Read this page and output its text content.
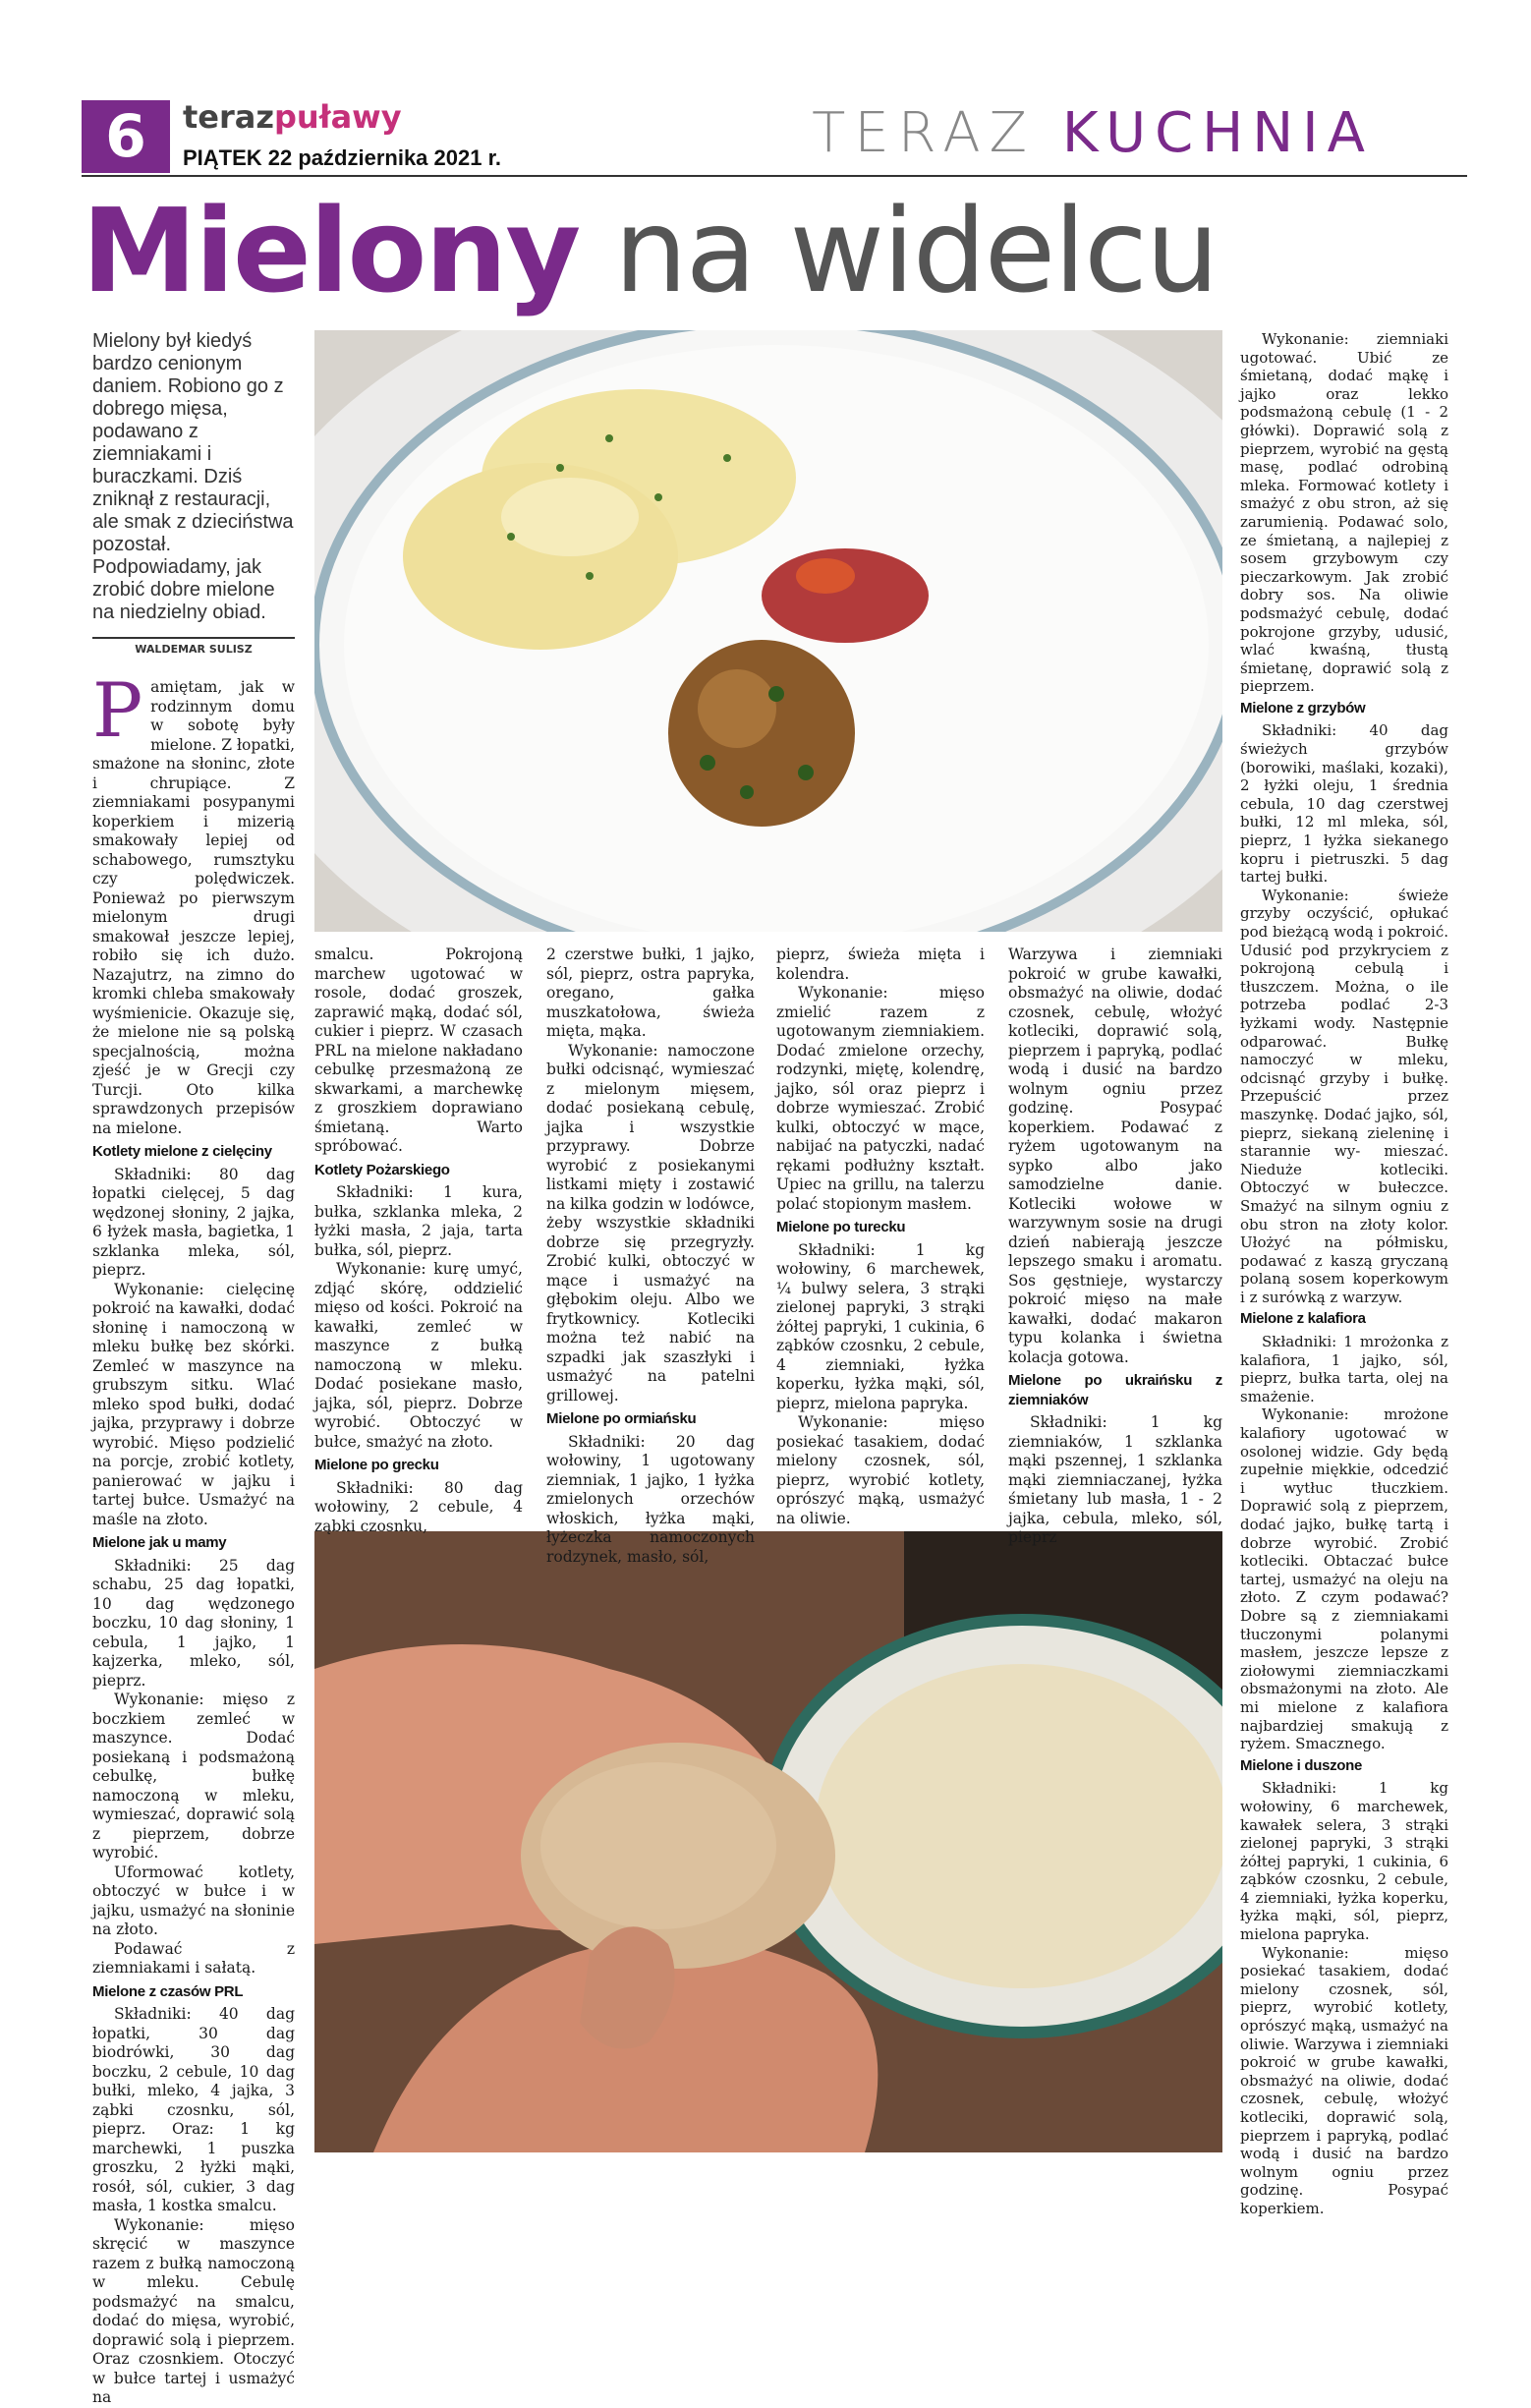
6	terazpuławy
PIĄTEK 22 października 2021 r.	TERAZ KUCHNIA
Mielony na widelcu
Mielony był kiedyś bardzo cenionym daniem. Robiono go z dobrego mięsa, podawano z ziemniakami i buraczkami. Dziś zniknął z restauracji, ale smak z dzieciństwa pozostał. Podpowiadamy, jak zrobić dobre mielone na niedzielny obiad.
WALDEMAR SULISZ
P amiętam, jak w rodzinnym domu w sobotę były mielone. Z łopatki, smażone na słoninc, złote i chrupiące. Z ziemniakami posypanymi koperkiem i mizerią smakowały lepiej od schabowego, rumsztyku czy polędwiczek. Ponieważ po pierwszym mielonym drugi smakował jeszcze lepiej, robiło się ich dużo. Nazajutrz, na zimno do kromki chleba smakowały wyśmienicie. Okazuje się, że mielone nie są polską specjalnością, można zjeść je w Grecji czy Turcji. Oto kilka sprawdzonych przepisów na mielone.

Kotlety mielone z cielęciny

Składniki: 80 dag łopatki cielęcej, 5 dag wędzonej słoniny, 2 jajka, 6 łyżek masła, bagietka, 1 szklanka mleka, sól, pieprz.

Wykonanie: cielęcinę pokroić na kawałki, dodać słoninę i namoczoną w mleku bułkę bez skórki. Zemleć w maszynce na grubszym sitku. Wlać mleko spod bułki, dodać jajka, przyprawy i dobrze wyrobić. Mięso podzielić na porcje, zrobić kotlety, panierować w jajku i tartej bułce. Usmażyć na maśle na złoto.

Mielone jak u mamy

Składniki: 25 dag schabu, 25 dag łopatki, 10 dag wędzonego boczku, 10 dag słoniny, 1 cebula, 1 jajko, 1 kajzerka, mleko, sól, pieprz.

Wykonanie: mięso z boczkiem zemleć w maszynce. Dodać posiekaną i podsmażoną cebulkę, bułkę namoczoną w mleku, wymieszać, doprawić solą z pieprzem, dobrze wyrobić.

Uformować kotlety, obtoczyć w bułce i w jajku, usmażyć na słoninie na złoto.

Podawać z ziemniakami i sałatą.

Mielone z czasów PRL

Składniki: 40 dag łopatki, 30 dag biodrówki, 30 dag boczku, 2 cebule, 10 dag bułki, mleko, 4 jajka, 3 ząbki czosnku, sól, pieprz. Oraz: 1 kg marchewki, 1 puszka groszku, 2 łyżki mąki, rosół, sól, cukier, 3 dag masła, 1 kostka smalcu.

Wykonanie: mięso skręcić w maszynce razem z bułką namoczoną w mleku. Cebulę podsmażyć na smalcu, dodać do mięsa, wyrobić, doprawić solą i pieprzem. Oraz czosnkiem. Otoczyć w bułce tartej i usmażyć na

smalcu. Pokrojoną marchew ugotować w rosole, dodać groszek, zaprawić mąką, dodać sól, cukier i pieprz. W czasach PRL na mielone nakładano cebulkę przesmażoną ze skwarkami, a marchewkę z groszkiem doprawiano śmietaną. Warto spróbować.

Kotlety Pożarskiego

Składniki: 1 kura, bułka, szklanka mleka, 2 łyżki masła, 2 jaja, tarta bułka, sól, pieprz.

Wykonanie: kurę umyć, zdjąć skórę, oddzielić mięso od kości. Pokroić na kawałki, zemleć w maszynce z bułką namoczoną w mleku. Dodać posiekane masło, jajka, sól, pieprz. Dobrze wyrobić. Obtoczyć w bułce, smażyć na złoto.

Mielone po grecku

Składniki: 80 dag wołowiny, 2 cebule, 4 ząbki czosnku,

2 czerstwe bułki, 1 jajko, sól, pieprz, ostra papryka, oregano, gałka muszkatołowa, świeża mięta, mąka.

Wykonanie: namoczone bułki odcisnąć, wymieszać z mielonym mięsem, dodać posiekaną cebulę, jajka i wszystkie przyprawy. Dobrze wyrobić z posiekanymi listkami mięty i zostawić na kilka godzin w lodówce, żeby wszystkie składniki dobrze się przegryzły. Zrobić kulki, obtoczyć w mące i usmażyć na głębokim oleju. Albo we frytkownicy. Kotleciki można też nabić na szpadki jak szaszłyki i usmażyć na patelni grillowej.

Mielone po ormiańsku

Składniki: 20 dag wołowiny, 1 ugotowany ziemniak, 1 jajko, 1 łyżka zmielonych orzechów włoskich, łyżka mąki, łyżeczka namoczonych rodzynek, masło, sól,

pieprz, świeża mięta i kolendra.

Wykonanie: mięso zmielić razem z ugotowanym ziemniakiem. Dodać zmielone orzechy, rodzynki, miętę, kolendrę, jajko, sól oraz pieprz i dobrze wymieszać. Zrobić kulki, obtoczyć w mące, nabijać na patyczki, nadać rękami podłużny kształt. Upiec na grillu, na talerzu polać stopionym masłem.

Mielone po turecku

Składniki: 1 kg wołowiny, 6 marchewek, ¼ bulwy selera, 3 strąki zielonej papryki, 3 strąki żółtej papryki, 1 cukinia, 6 ząbków czosnku, 2 cebule, 4 ziemniaki, łyżka koperku, łyżka mąki, sól, pieprz, mielona papryka.

Wykonanie: mięso posiekać tasakiem, dodać mielony czosnek, sól, pieprz, wyrobić kotlety, oprószyć mąką, usmażyć na oliwie.

Warzywa i ziemniaki pokroić w grube kawałki, obsmażyć na oliwie, dodać czosnek, cebulę, włożyć kotleciki, doprawić solą, pieprzem i papryką, podlać wodą i dusić na bardzo wolnym ogniu przez godzinę. Posypać koperkiem. Podawać z ryżem ugotowanym na sypko albo jako samodzielne danie. Kotleciki wołowe w warzywnym sosie na drugi dzień nabierają jeszcze lepszego smaku i aromatu. Sos gęstnieje, wystarczy pokroić mięso na małe kawałki, dodać makaron typu kolanka i świetna kolacja gotowa.

Mielone po ukraińsku z ziemniaków

Składniki: 1 kg ziemniaków, 1 szklanka mąki pszennej, 1 szklanka mąki ziemniaczanej, łyżka śmietany lub masła, 1 - 2 jajka, cebula, mleko, sól, pieprz

Wykonanie: ziemniaki ugotować. Ubić ze śmietaną, dodać mąkę i jajko oraz lekko podsmażoną cebulę (1 - 2 główki). Doprawić solą z pieprzem, wyrobić na gęstą masę, podlać odrobiną mleka. Formować kotlety i smażyć z obu stron, aż się zarumienią. Podawać solo, ze śmietaną, a najlepiej z sosem grzybowym czy pieczarkowym. Jak zrobić dobry sos. Na oliwie podsmażyć cebulę, dodać pokrojone grzyby, udusić, wlać kwaśną, tłustą śmietanę, doprawić solą z pieprzem.

Mielone z grzybów

Składniki: 40 dag świeżych grzybów (borowiki, maślaki, kozaki), 2 łyżki oleju, 1 średnia cebula, 10 dag czerstwej bułki, 12 ml mleka, sól, pieprz, 1 łyżka siekanego kopru i pietruszki. 5 dag tartej bułki.

Wykonanie: świeże grzyby oczyścić, opłukać pod bieżącą wodą i pokroić. Udusić pod przykryciem z pokrojoną cebulą i tłuszczem. Można, o ile potrzeba podlać 2-3 łyżkami wody. Następnie odparować. Bułkę namoczyć w mleku, odcisnąć grzyby i bułkę. Przepuścić przez maszynkę. Dodać jajko, sól, pieprz, siekaną zieleninę i starannie wy- mieszać. Nieduże kotleciki. Obtoczyć w bułeczce. Smażyć na silnym ogniu z obu stron na złoty kolor. Ułożyć na półmisku, podawać z kaszą gryczaną polaną sosem koperkowym i z surówką z warzyw.

Mielone z kalafiora

Składniki: 1 mrożonka z kalafiora, 1 jajko, sól, pieprz, bułka tarta, olej na smażenie.

Wykonanie: mrożone kalafiory ugotować w osolonej widzie. Gdy będą zupełnie miękkie, odcedzić i wytłuc tłuczkiem. Doprawić solą z pieprzem, dodać jajko, bułkę tartą i dobrze wyrobić. Zrobić kotleciki. Obtaczać bułce tartej, usmażyć na oleju na złoto. Z czym podawać? Dobre są z ziemniakami tłuczonymi polanymi masłem, jeszcze lepsze z ziołowymi ziemniaczkami obsmażonymi na złoto. Ale mi mielone z kalafiora najbardziej smakują z ryżem. Smacznego.

Mielone i duszone

Składniki: 1 kg wołowiny, 6 marchewek, kawałek selera, 3 strąki zielonej papryki, 3 strąki żółtej papryki, 1 cukinia, 6 ząbków czosnku, 2 cebule, 4 ziemniaki, łyżka koperku, łyżka mąki, sól, pieprz, mielona papryka.

Wykonanie: mięso posiekać tasakiem, dodać mielony czosnek, sól, pieprz, wyrobić kotlety, oprószyć mąką, usmażyć na oliwie. Warzywa i ziemniaki pokroić w grube kawałki, obsmażyć na oliwie, dodać czosnek, cebulę, włożyć kotleciki, doprawić solą, pieprzem i papryką, podlać wodą i dusić na bardzo wolnym ogniu przez godzinę. Posypać koperkiem.
